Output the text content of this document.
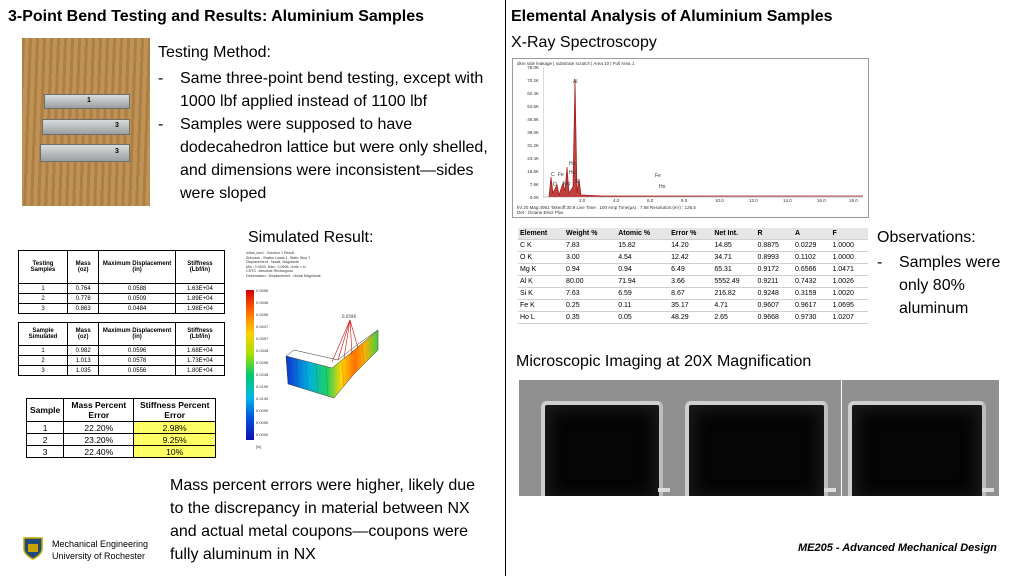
3-Point Bend Testing and Results: Aluminium Samples
1
3
3
Testing Method:

- Same three-point bend testing, except with 1000 lbf applied instead of 1100 lbf

- Samples were supposed to have dodecahedron lattice but were only shelled, and dimensions were inconsistent—sides were sloped

Testing Samples	Mass (oz)	Maximum Displacement (in)	Stiffness (Lbf/in)
1	0.764	0.0588	1.63E+04
2	0.778	0.0509	1.89E+04
3	0.863	0.0484	1.98E+04
Sample Simulated	Mass (oz)	Maximum Displacement (in)	Stiffness (Lbf/in)
1	0.982	0.0596	1.68E+04
2	1.013	0.0578	1.73E+04
3	1.035	0.0556	1.80E+04
Sample	Mass Percent Error	Stiffness Percent Error
1	22.20%	2.98%
2	23.20%	9.25%
3	22.40%	10%
Simulated Result:
Initial_sim1 : Solution 1 Result
Subcase - Statics Loads 1, Static Step 1
Displacement - Nodal, Magnitude
Min : 0.0000, Max : 0.0596, Units = in
CSYS : Absolute Rectangular
Deformation : Displacement - Nodal Magnitude
0.0596
0.0546
0.0496
0.0447
0.0397
0.0348
0.0298
0.0248
0.0199
0.0149
0.0099
0.0050
0.0000
[in]
0.0596
Mass percent errors were higher, likely due to the discrepancy in material between NX and actual metal coupons—coupons were fully aluminum in NX
Mechanical Engineering
University of Rochester
Elemental Analysis of Aluminium Samples
X-Ray Spectroscopy
dkm side leakage | substrate scratch | Area 10 | Full Area 1
78.0K
70.2K
62.4K
54.6K
46.8K
39.0K
31.2K
23.4K
15.6K
7.8K
0.0K
Al
Ho
C Fe Ho
O Mg Si
Fe
Ho
2.0	4.0	6.0	8.0	10.0	12.0	14.0	16.0	18.0
kV:20 Mag:4961 Takeoff:30.9 Live Time : 100 Amp Time(µs) : 7.68 Resolution:(eV) : 126.5
Det : Octane Elect Plus
Element	Weight %	Atomic %	Error %	Net Int.	R	A	F
C K	7.83	15.82	14.20	14.85	0.8875	0.0229	1.0000
O K	3.00	4.54	12.42	34.71	0.8993	0.1102	1.0000
Mg K	0.94	0.94	6.49	65.31	0.9172	0.6566	1.0471
Al K	80.00	71.94	3.66	5552.49	0.9211	0.7432	1.0026
Si K	7.63	6.59	8.67	216.82	0.9248	0.3159	1.0020
Fe K	0.25	0.11	35.17	4.71	0.9607	0.9617	1.0695
Ho L	0.35	0.05	48.29	2.65	0.9668	0.9730	1.0207
Observations:

- Samples were only 80% aluminum

Microscopic Imaging at 20X Magnification
ME205 - Advanced Mechanical Design
